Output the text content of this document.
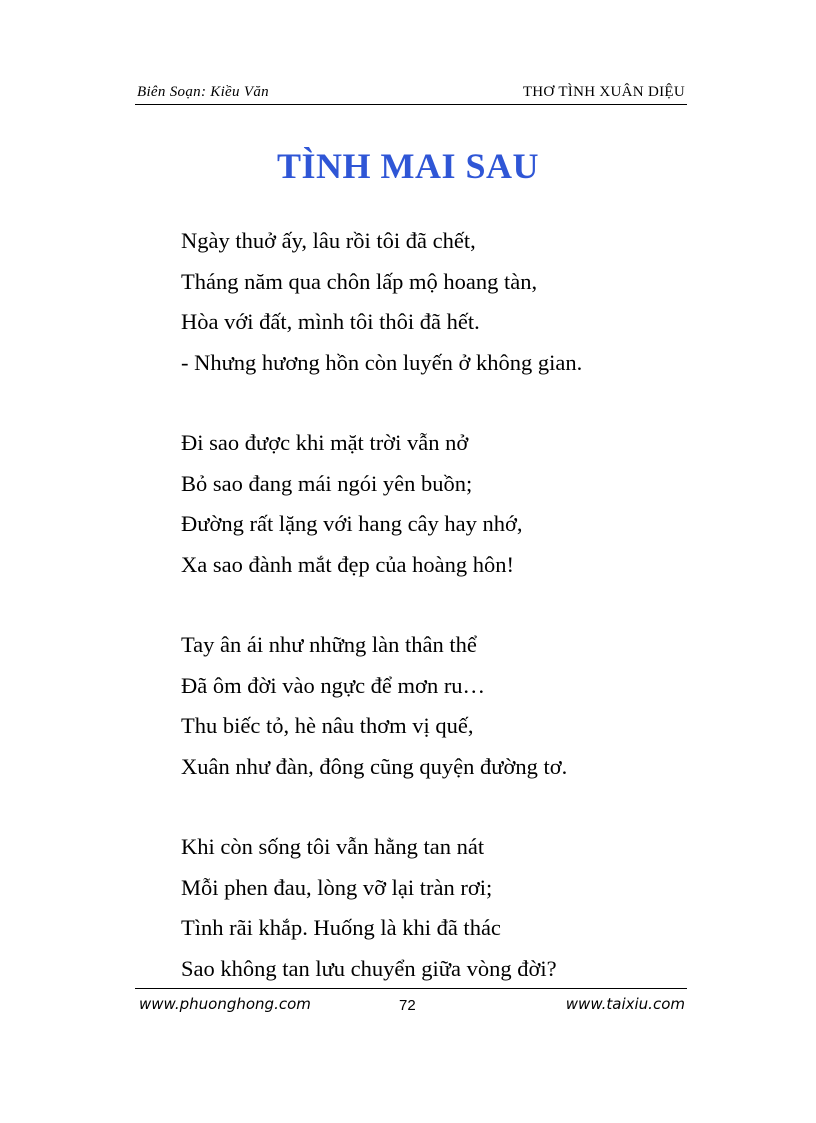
Biên Soạn: Kiều Văn	THƠ TÌNH XUÂN DIỆU
TÌNH MAI SAU
Ngày thuở ấy, lâu rồi tôi đã chết,
Tháng năm qua chôn lấp mộ hoang tàn,
Hòa với đất, mình tôi thôi đã hết.
- Nhưng hương hồn còn luyến ở không gian.
Đi sao được khi mặt trời vẫn nở
Bỏ sao đang mái ngói yên buồn;
Đường rất lặng với hang cây hay nhớ,
Xa sao đành mắt đẹp của hoàng hôn!
Tay ân ái như những làn thân thể
Đã ôm đời vào ngực để mơn ru…
Thu biếc tỏ, hè nâu thơm vị quế,
Xuân như đàn, đông cũng quyện đường tơ.
Khi còn sống tôi vẫn hằng tan nát
Mỗi phen đau, lòng vỡ lại tràn rơi;
Tình rãi khắp. Huống là khi đã thác
Sao không tan lưu chuyển giữa vòng đời?
www.phuonghong.com	72	www.taixiu.com
